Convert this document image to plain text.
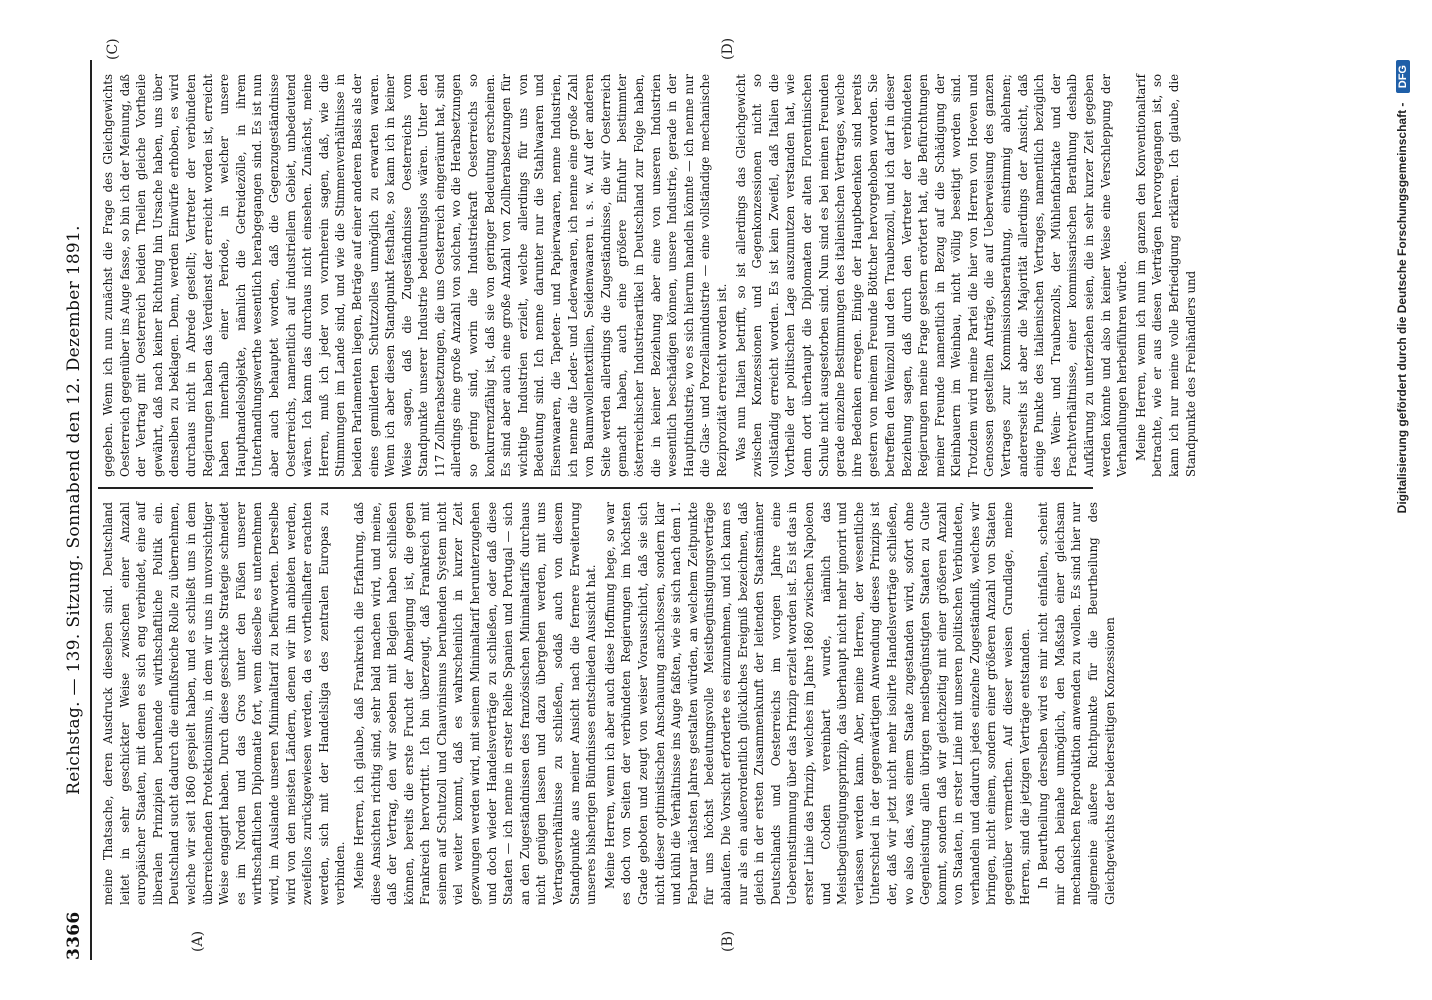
3366
Reichstag. — 139. Sitzung. Sonnabend den 12. Dezember 1891.
(A)	(B)
(C)	(D)

meine Thatsache, deren Ausdruck dieselben sind. Deutschland leitet in sehr geschickter Weise zwischen einer Anzahl europäischer Staaten, mit denen es sich eng verbindet, eine auf liberalen Prinzipien beruhende wirthschaftliche Politik ein. Deutschland sucht dadurch die einflußreiche Rolle zu übernehmen, welche wir seit 1860 gespielt haben, und es schließt uns in dem überreichenden Protektionismus, in dem wir uns in unvorsichtiger Weise engagirt haben. Durch diese geschickte Strategie schneidet es im Norden und das Gros unter den Füßen unserer wirthschaftlichen Diplomatie fort, wenn dieselbe es unternehmen wird, im Auslande unseren Minimaltarif zu befürworten. Derselbe wird von den meisten Ländern, denen wir ihn anbieten werden, zweifellos zurückgewiesen werden, da es vortheilhafter erachten werden, sich mit der Handelsliga des zentralen Europas zu verbinden. Meine Herren, ich glaube, daß Frankreich die Erfahrung, daß diese Ansichten richtig sind, sehr bald machen wird, und meine, daß der Vertrag, den wir soeben mit Belgien haben schließen können, bereits die erste Frucht der Abneigung ist, die gegen Frankreich hervortritt. Ich bin überzeugt, daß Frankreich mit seinem auf Schutzoll und Chauvinismus beruhenden System nicht viel weiter kommt, daß es wahrscheinlich in kurzer Zeit gezwungen werden wird, mit seinem Minimaltarif herunterzugehen und doch wieder Handelsverträge zu schließen, oder daß diese Staaten — ich nenne in erster Reihe Spanien und Portugal — sich an den Zugeständnissen des französischen Minimaltarifs durchaus nicht genügen lassen und dazu übergehen werden, mit uns Vertragsverhältnisse zu schließen, sodaß auch von diesem Standpunkte aus meiner Ansicht nach die fernere Erweiterung unseres bisherigen Bündnisses entschieden Aussicht hat. Meine Herren, wenn ich aber auch diese Hoffnung hege, so war es doch von Seiten der verbündeten Regierungen im höchsten Grade geboten und zeugt von weiser Vorausschicht, daß sie sich nicht dieser optimistischen Anschauung anschlossen, sondern klar und kühl die Verhältnisse ins Auge faßten, wie sie sich nach dem 1. Februar nächsten Jahres gestalten würden, an welchem Zeitpunkte für uns höchst bedeutungsvolle Meistbegünstigungsverträge ablaufen. Die Vorsicht erforderte es einzunehmen, und ich kann es nur als ein außerordentlich glückliches Ereigniß bezeichnen, daß gleich in der ersten Zusammenkunft der leitenden Staatsmänner Deutschlands und Oesterreichs im vorigen Jahre eine Uebereinstimmung über das Prinzip erzielt worden ist. Es ist das in erster Linie das Prinzip, welches im Jahre 1860 zwischen Napoleon und Cobden vereinbart wurde, nämlich das Meistbegünstigungsprinzip, das überhaupt nicht mehr ignorirt und verlassen werden kann. Aber, meine Herren, der wesentliche Unterschied in der gegenwärtigen Anwendung dieses Prinzips ist der, daß wir jetzt nicht mehr isolirte Handelsverträge schließen, wo also das, was einem Staate zugestanden wird, sofort ohne Gegenleistung allen übrigen meistbegünstigten Staaten zu Gute kommt, sondern daß wir gleichzeitig mit einer größeren Anzahl von Staaten, in erster Linie mit unseren politischen Verbündeten, verhandeln und dadurch jedes einzelne Zugeständniß, welches wir bringen, nicht einem, sondern einer größeren Anzahl von Staaten gegenüber vermerthen. Auf dieser weisen Grundlage, meine Herren, sind die jetzigen Verträge entstanden. In Beurtheilung derselben wird es mir nicht einfallen, scheint mir doch beinahe unmöglich, den Maßstab einer gleichsam mechanischen Reproduktion anwenden zu wollen. Es sind hier nur allgemeine äußere Richtpunkte für die Beurtheilung des Gleichgewichts der beiderseitigen Konzessionen

gegeben. Wenn ich nun zunächst die Frage des Gleichgewichts Oesterreich gegenüber ins Auge fasse, so bin ich der Meinung, daß der Vertrag mit Oesterreich beiden Theilen gleiche Vortheile gewährt, daß nach keiner Richtung hin Ursache haben, uns über denselben zu beklagen. Denn, werden Einwürfe erhoben, es wird durchaus nicht in Abrede gestellt; Vertreter der verbündeten Regierungen haben das Verdienst der erreicht worden ist, erreicht haben innerhalb einer Periode, in welcher unsere Haupthandelsobjekte, nämlich die Getreidezölle, in ihrem Unterhandlungswerthe wesentlich herabgegangen sind. Es ist nun aber auch behauptet worden, daß die Gegenzugeständnisse Oesterreichs, namentlich auf industriellem Gebiet, unbedeutend wären. Ich kann das durchaus nicht einsehen. Zunächst, meine Herren, muß ich jeder von vornherein sagen, daß, wie die Stimmungen im Lande sind, und wie die Stimmenverhältnisse in beiden Parlamenten liegen, Beträge auf einer anderen Basis als der eines gemilderten Schutzzolles unmöglich zu erwarten waren. Wenn ich aber diesen Standpunkt festhalte, so kann ich in keiner Weise sagen, daß die Zugeständnisse Oesterreichs vom Standpunkte unserer Industrie bedeutungslos wären. Unter den 117 Zollherabsetzungen, die uns Oesterreich eingeräumt hat, sind allerdings eine große Anzahl von solchen, wo die Herabsetzungen so gering sind, worin die Industriekraft Oesterreichs so konkurrenzfähig ist, daß sie von geringer Bedeutung erscheinen. Es sind aber auch eine große Anzahl von Zollherabsetzungen für wichtige Industrien erzielt, welche allerdings für uns von Bedeutung sind. Ich nenne darunter nur die Stahlwaaren und Eisenwaaren, die Tapeten- und Papierwaaren, nenne Industrien, ich nenne die Leder- und Lederwaaren, ich nenne eine große Zahl von Baumwollentextilien, Seidenwaaren u. s. w. Auf der anderen Seite werden allerdings die Zugeständnisse, die wir Oesterreich gemacht haben, auch eine größere Einfuhr bestimmter österreichischer Industrieartikel in Deutschland zur Folge haben, die in keiner Beziehung aber eine von unseren Industrien wesentlich beschädigen können, unsere Industrie, gerade in der Hauptindustrie, wo es sich hierum handeln könnte — ich nenne nur die Glas- und Porzellanindustrie — eine vollständige mechanische Reziprozität erreicht worden ist. Was nun Italien betrifft, so ist allerdings das Gleichgewicht zwischen Konzessionen und Gegenkonzessionen nicht so vollständig erreicht worden. Es ist kein Zweifel, daß Italien die Vortheile der politischen Lage auszunutzen verstanden hat, wie denn dort überhaupt die Diplomaten der alten Florentinischen Schule nicht ausgestorben sind. Nun sind es bei meinen Freunden gerade einzelne Bestimmungen des italienischen Vertrages, welche ihre Bedenken erregen. Einige der Hauptbedenken sind bereits gestern von meinem Freunde Böttcher hervorgehoben worden. Sie betreffen den Weinzoll und den Traubenzoll, und ich darf in dieser Beziehung sagen, daß durch den Vertreter der verbündeten Regierungen meine Frage gestern erörtert hat, die Befürchtungen meiner Freunde namentlich in Bezug auf die Schädigung der Kleinbauern im Weinbau, nicht völlig beseitigt worden sind. Trotzdem wird meine Partei die hier von Herren von Hoeven und Genossen gestellten Anträge, die auf Ueberweisung des ganzen Vertrages zur Kommissionsberathung, einstimmig ablehnen; andererseits ist aber die Majorität allerdings der Ansicht, daß einige Punkte des italienischen Vertrages, namentlich bezüglich des Wein- und Traubenzolls, der Mühlenfabrikate und der Frachtverhältnisse, einer kommissarischen Berathung deshalb Aufklärung zu unterziehen seien, die in sehr kurzer Zeit gegeben werden könnte und also in keiner Weise eine Verschleppung der Verhandlungen herbeiführen würde. Meine Herren, wenn ich nun im ganzen den Konventionaltarif betrachte, wie er aus diesen Verträgen hervorgegangen ist, so kann ich nur meine volle Befriedigung erklären. Ich glaube, die Standpunkte des Freihändlers und	Digitalisierung gefördert durch die Deutsche Forschungsgemeinschaft - DFG
